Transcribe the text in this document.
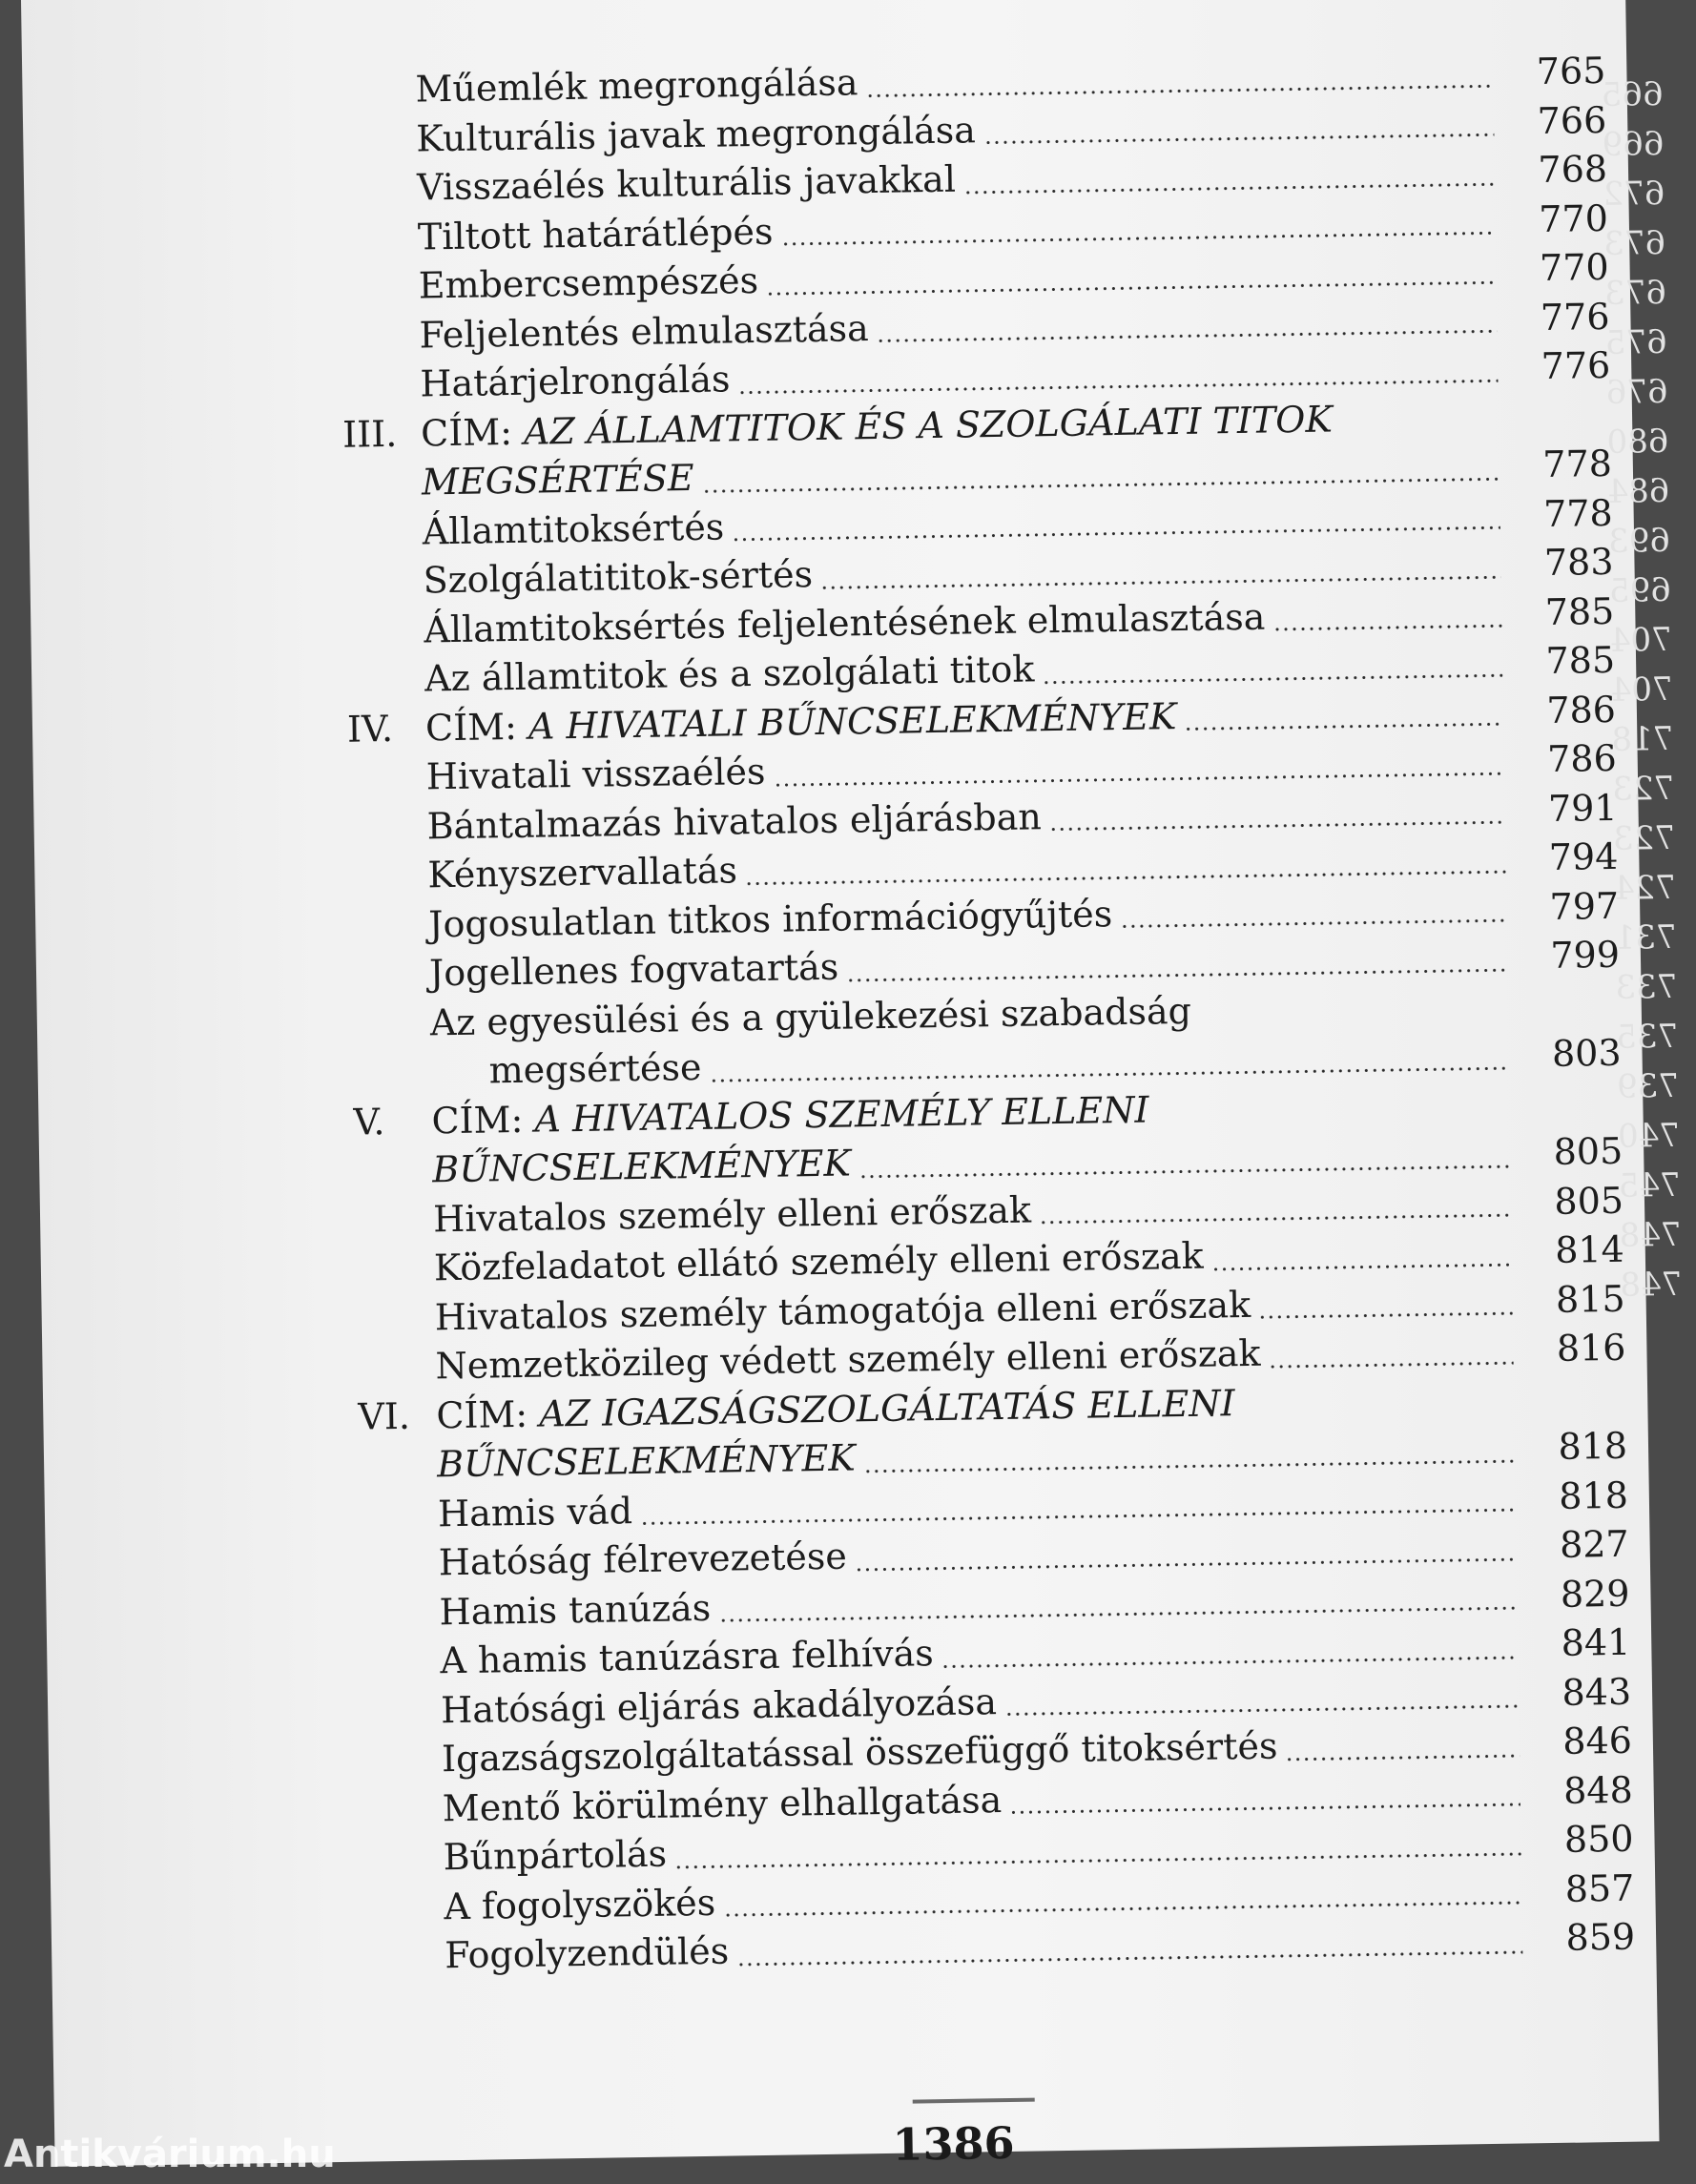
665
669
672
673
673
675
676
680
684
693
695
704
704
718
723
723
724
731
733
735
739
740
745
748
748
Műemlék megrongálása	765
Kulturális javak megrongálása	766
Visszaélés kulturális javakkal	768
Tiltott határátlépés	770
Embercsempészés	770
Feljelentés elmulasztása	776
Határjelrongálás	776
III. CÍM:
AZ ÁLLAMTITOK ÉS A SZOLGÁLATI TITOK
MEGSÉRTÉSE	778
Államtitoksértés	778
Szolgálatititok-sértés	783
Államtitoksértés feljelentésének elmulasztása	785
Az államtitok és a szolgálati titok	785
IV. CÍM: A HIVATALI BŰNCSELEKMÉNYEK	786
Hivatali visszaélés	786
Bántalmazás hivatalos eljárásban	791
Kényszervallatás	794
Jogosulatlan titkos információgyűjtés	797
Jogellenes fogvatartás	799
Az egyesülési és a gyülekezési szabadság
megsértése	803
V.	CÍM:
A HIVATALOS SZEMÉLY ELLENI
BŰNCSELEKMÉNYEK	805
Hivatalos személy elleni erőszak	805
Közfeladatot ellátó személy elleni erőszak	814
Hivatalos személy támogatója elleni erőszak	815
Nemzetközileg védett személy elleni erőszak	816
VI. CÍM:
AZ IGAZSÁGSZOLGÁLTATÁS ELLENI
BŰNCSELEKMÉNYEK	818
Hamis vád	818
Hatóság félrevezetése	827
Hamis tanúzás	829
A hamis tanúzásra felhívás	841
Hatósági eljárás akadályozása	843
Igazságszolgáltatással összefüggő titoksértés	846
Mentő körülmény elhallgatása	848
Bűnpártolás	850
A fogolyszökés	857
Fogolyzendülés	859
1386
Antikvárium.hu
